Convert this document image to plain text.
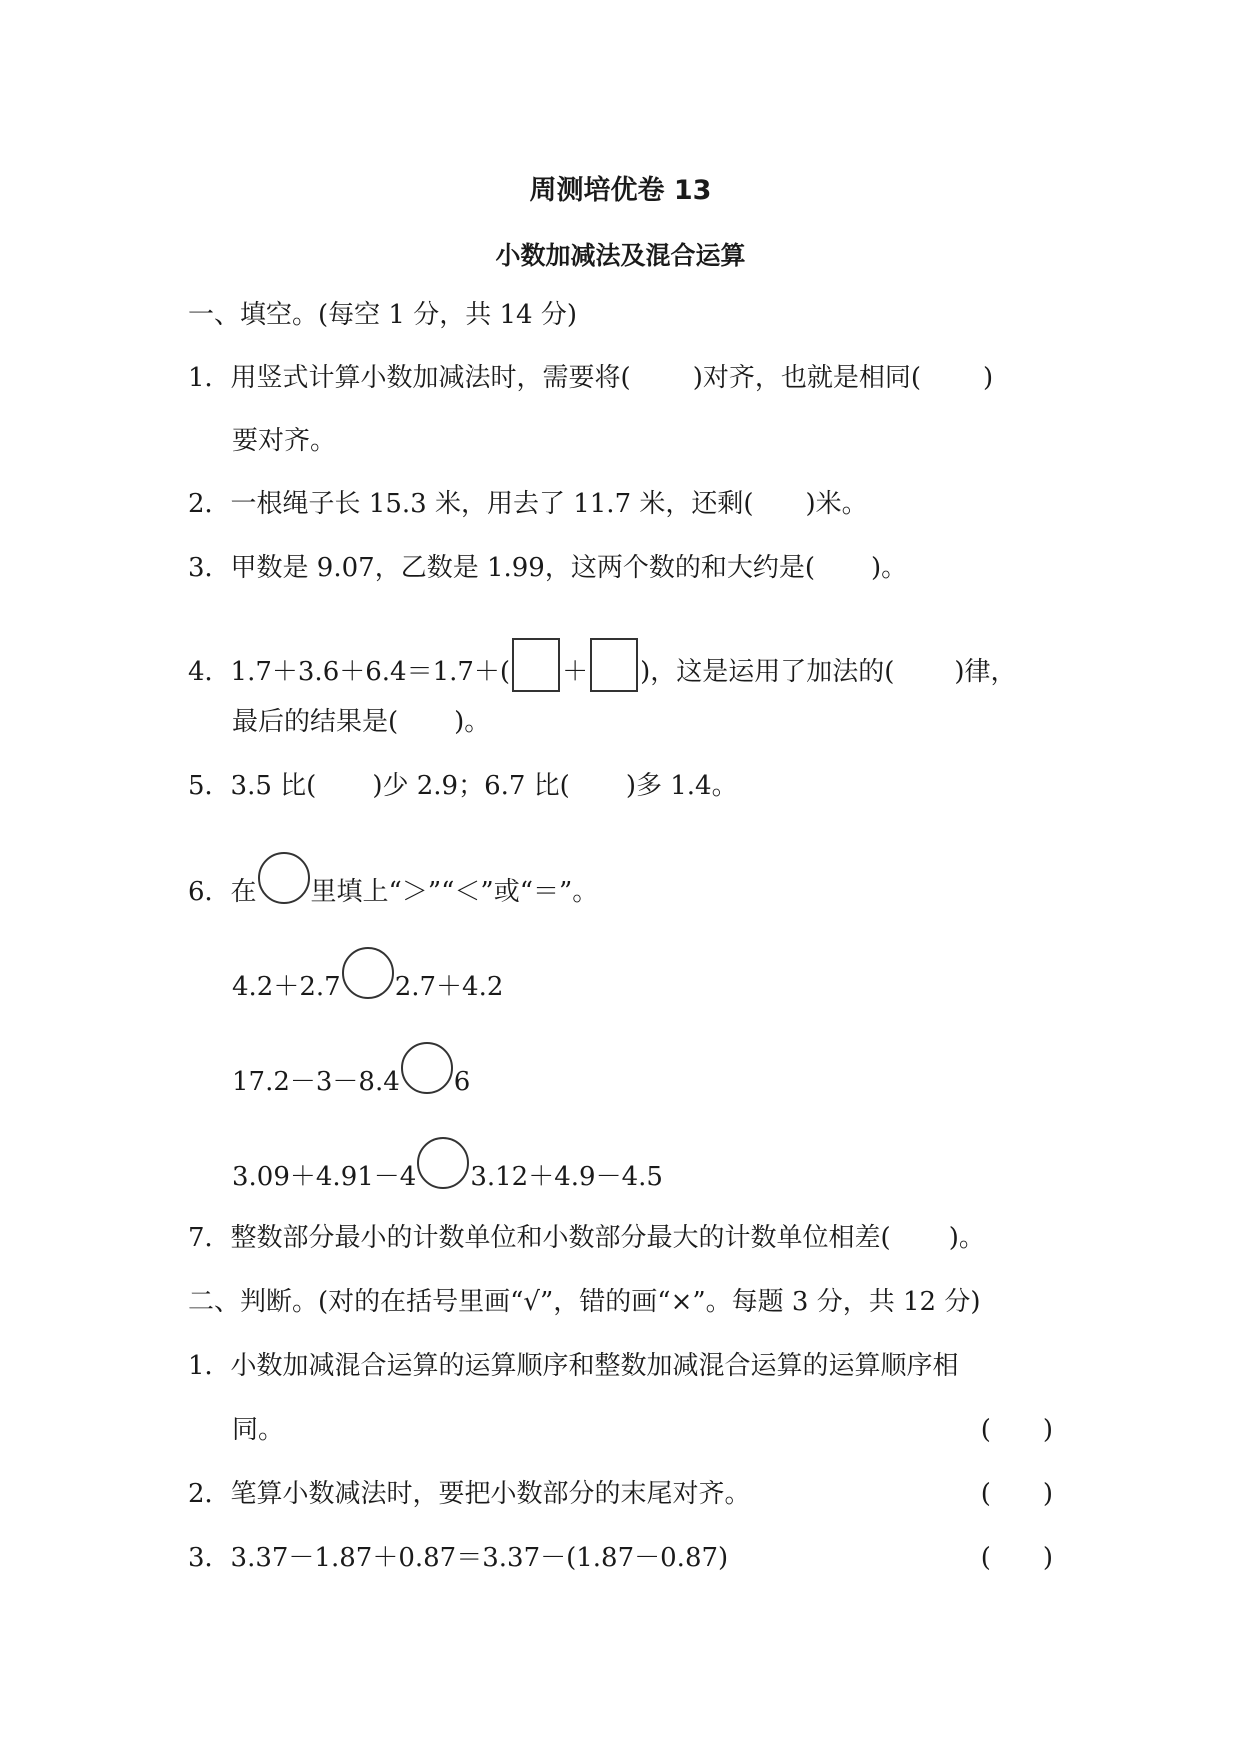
周测培优卷 13
小数加减法及混合运算
一、填空。(每空 1 分，共 14 分)
1．用竖式计算小数加减法时，需要将( )对齐，也就是相同( )
要对齐。
2．一根绳子长 15.3 米，用去了 11.7 米，还剩( )米。
3．甲数是 9.07，乙数是 1.99，这两个数的和大约是( )。
4．1.7＋3.6＋6.4＝1.7＋( ＋ )，这是运用了加法的( )律，
最后的结果是( )。
5．3.5 比( )少 2.9；6.7 比( )多 1.4。
6．在 里填上“＞”“＜”或“＝”。
4.2＋2.7 2.7＋4.2
17.2－3－8.4 6
3.09＋4.91－4 3.12＋4.9－4.5
7．整数部分最小的计数单位和小数部分最大的计数单位相差( )。
二、判断。(对的在括号里画“√”，错的画“×”。每题 3 分，共 12 分)
1．小数加减混合运算的运算顺序和整数加减混合运算的运算顺序相
同。	(　　)
2．笔算小数减法时，要把小数部分的末尾对齐。	(　　)
3．3.37－1.87＋0.87＝3.37－(1.87－0.87)	(　　)
